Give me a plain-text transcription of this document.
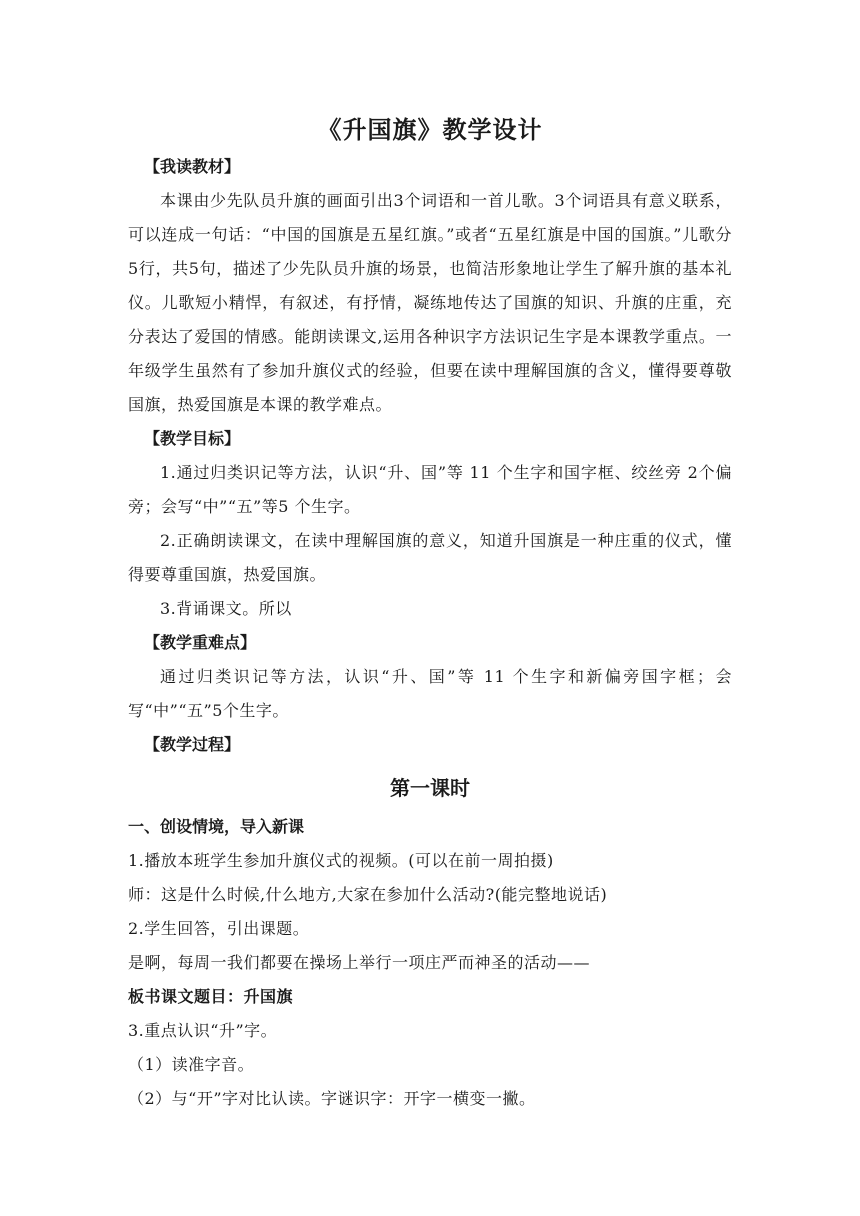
《升国旗》教学设计

【我读教材】

本课由少先队员升旗的画面引出3个词语和一首儿歌。3个词语具有意义联系，可以连成一句话：“中国的国旗是五星红旗。”或者“五星红旗是中国的国旗。”儿歌分5行，共5句，描述了少先队员升旗的场景，也简洁形象地让学生了解升旗的基本礼仪。儿歌短小精悍，有叙述，有抒情，凝练地传达了国旗的知识、升旗的庄重，充分表达了爱国的情感。能朗读课文,运用各种识字方法识记生字是本课教学重点。一年级学生虽然有了参加升旗仪式的经验，但要在读中理解国旗的含义，懂得要尊敬国旗，热爱国旗是本课的教学难点。

【教学目标】

1.通过归类识记等方法，认识“升、国”等 11 个生字和国字框、绞丝旁 2个偏旁；会写“中”“五”等5 个生字。

2.正确朗读课文，在读中理解国旗的意义，知道升国旗是一种庄重的仪式，懂得要尊重国旗，热爱国旗。

3.背诵课文。所以

【教学重难点】

通过归类识记等方法，认识“升、国”等 11 个生字和新偏旁国字框；会写“中”“五”5个生字。

【教学过程】

第一课时

一、创设情境，导入新课

1.播放本班学生参加升旗仪式的视频。(可以在前一周拍摄)

师：这是什么时候,什么地方,大家在参加什么活动?(能完整地说话)

2.学生回答，引出课题。

是啊，每周一我们都要在操场上举行一项庄严而神圣的活动——

板书课文题目：升国旗

3.重点认识“升”字。

（1）读准字音。

（2）与“开”字对比认读。字谜识字：开字一横变一撇。
